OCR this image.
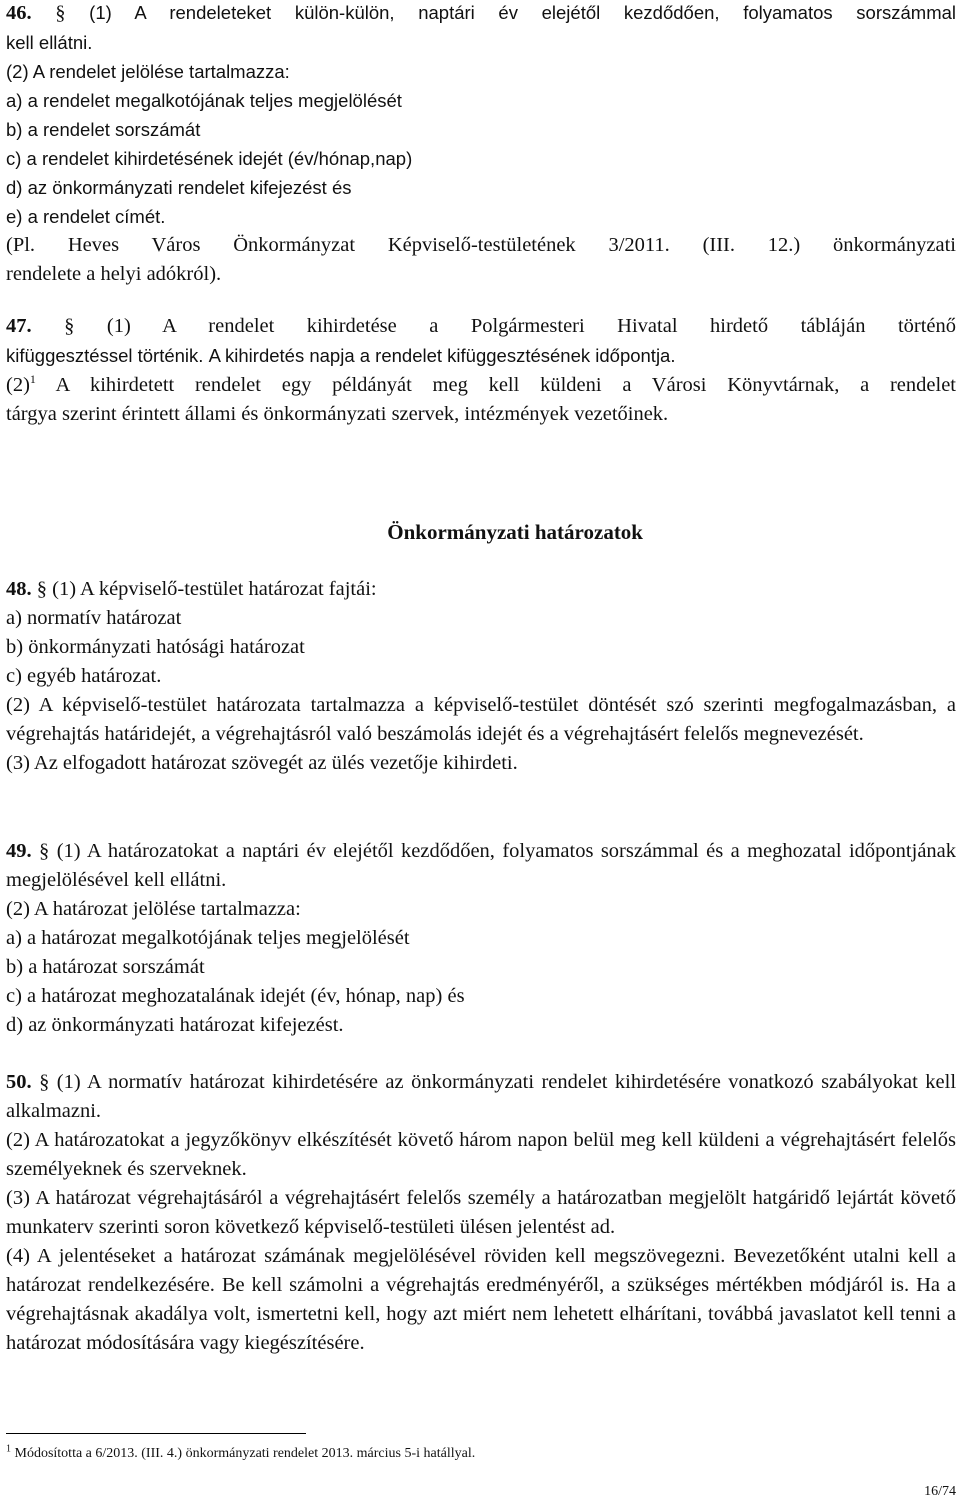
46. § (1) A rendeleteket külön-külön, naptári év elejétől kezdődően, folyamatos sorszámmal

kell ellátni.

(2) A rendelet jelölése tartalmazza:

a) a rendelet megalkotójának teljes megjelölését

b) a rendelet sorszámát

c) a rendelet kihirdetésének idejét (év/hónap,nap)

d) az önkormányzati rendelet kifejezést és

e) a rendelet címét.

(Pl. Heves Város Önkormányzat Képviselő-testületének 3/2011. (III. 12.) önkormányzati

rendelete a helyi adókról).

47. § (1) A rendelet kihirdetése a Polgármesteri Hivatal hirdető tábláján történő

kifüggesztéssel történik. A kihirdetés napja a rendelet kifüggesztésének időpontja.

$(2)^1$ A kihirdetett rendelet egy példányát meg kell küldeni a Városi Könyvtárnak, a rendelet

tárgya szerint érintett állami és önkormányzati szervek, intézmények vezetőinek.

Önkormányzati határozatok

48. § (1) A képviselő-testület határozat fajtái:

a) normatív határozat

b) önkormányzati hatósági határozat

c) egyéb határozat.

(2) A képviselő-testület határozata tartalmazza a képviselő-testület döntését szó szerinti megfogalmazásban, a végrehajtás határidejét, a végrehajtásról való beszámolás idejét és a végrehajtásért felelős megnevezését.

(3) Az elfogadott határozat szövegét az ülés vezetője kihirdeti.

49. § (1) A határozatokat a naptári év elejétől kezdődően, folyamatos sorszámmal és a meghozatal időpontjának megjelölésével kell ellátni.

(2) A határozat jelölése tartalmazza:

a) a határozat megalkotójának teljes megjelölését

b) a határozat sorszámát

c) a határozat meghozatalának idejét (év, hónap, nap) és

d) az önkormányzati határozat kifejezést.

50. § (1) A normatív határozat kihirdetésére az önkormányzati rendelet kihirdetésére vonatkozó szabályokat kell alkalmazni.

(2) A határozatokat a jegyzőkönyv elkészítését követő három napon belül meg kell küldeni a végrehajtásért felelős személyeknek és szerveknek.

(3) A határozat végrehajtásáról a végrehajtásért felelős személy a határozatban megjelölt hatgáridő lejártát követő munkaterv szerinti soron következő képviselő-testületi ülésen jelentést ad.

(4) A jelentéseket a határozat számának megjelölésével röviden kell megszövegezni. Bevezetőként utalni kell a határozat rendelkezésére. Be kell számolni a végrehajtás eredményéről, a szükséges mértékben módjáról is. Ha a végrehajtásnak akadálya volt, ismertetni kell, hogy azt miért nem lehetett elhárítani, továbbá javaslatot kell tenni a határozat módosítására vagy kiegészítésére.

$^1$ Módosította a 6/2013. (III. 4.) önkormányzati rendelet 2013. március 5-i hatállyal.
16/74
